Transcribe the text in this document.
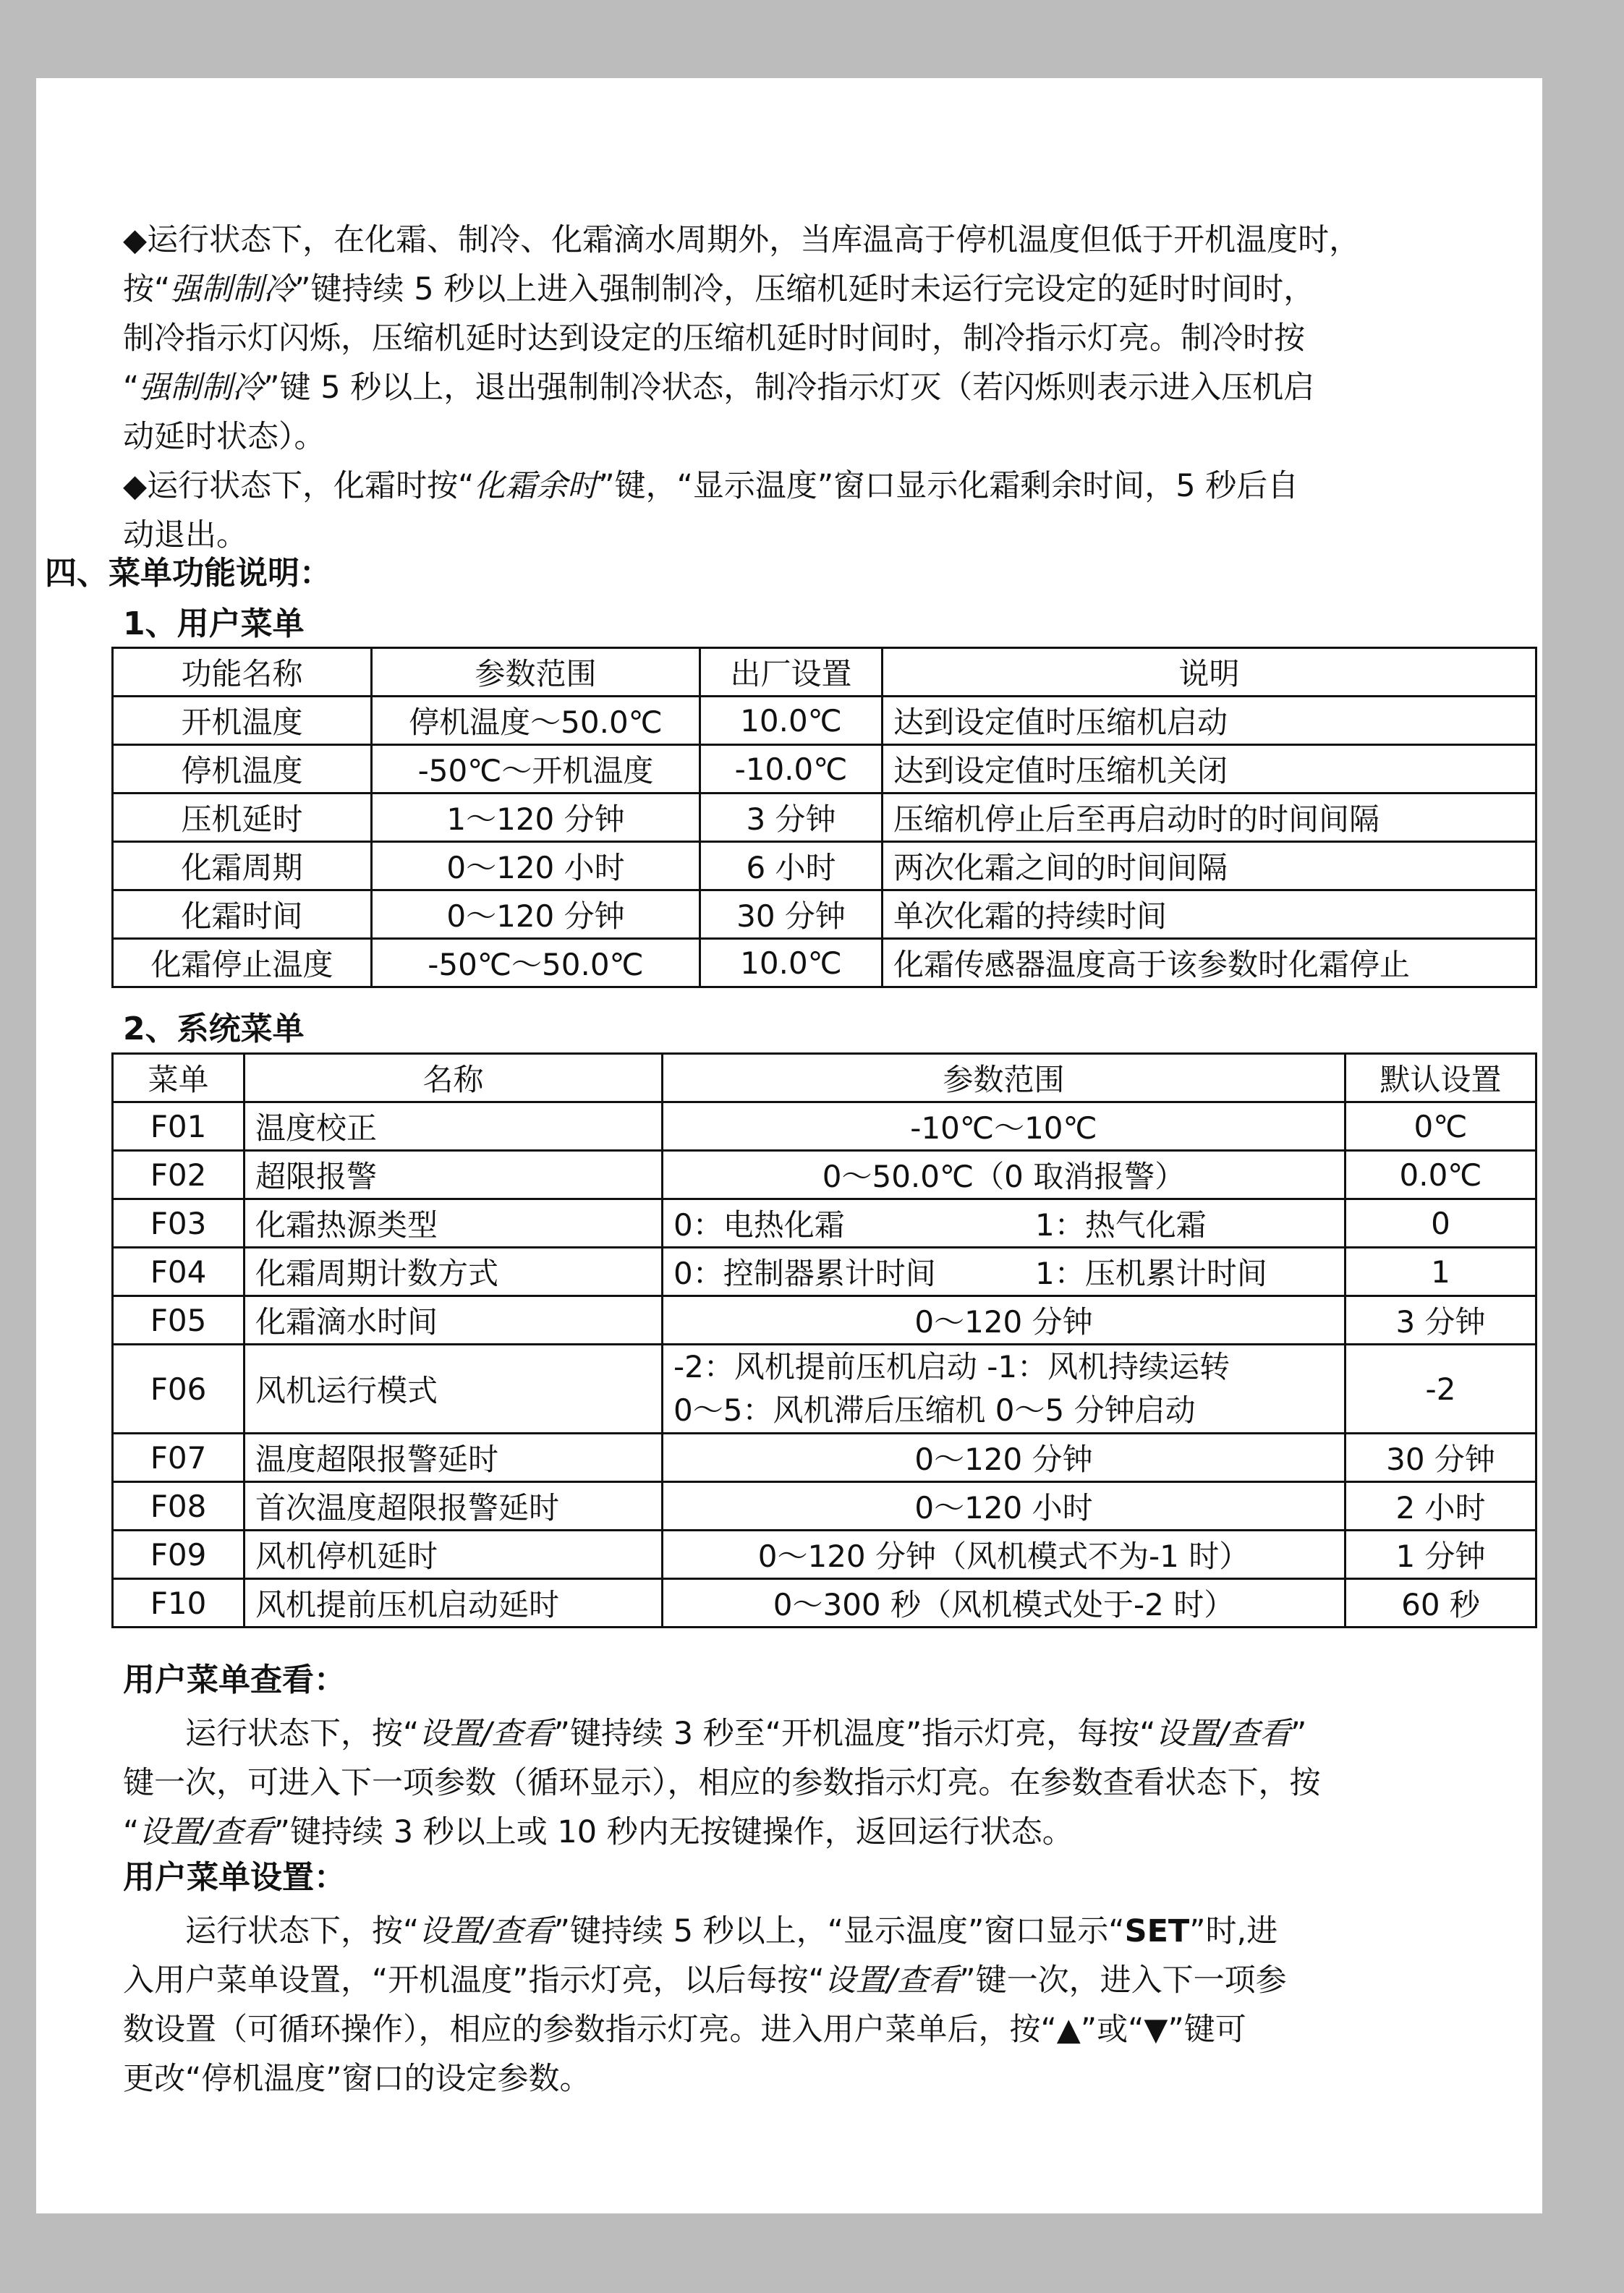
◆运行状态下，在化霜、制冷、化霜滴水周期外，当库温高于停机温度但低于开机温度时，
按“强制制冷”键持续 5 秒以上进入强制制冷，压缩机延时未运行完设定的延时时间时，
制冷指示灯闪烁，压缩机延时达到设定的压缩机延时时间时，制冷指示灯亮。制冷时按
“强制制冷”键 5 秒以上，退出强制制冷状态，制冷指示灯灭（若闪烁则表示进入压机启
动延时状态）。
◆运行状态下，化霜时按“化霜余时”键，“显示温度”窗口显示化霜剩余时间，5 秒后自
动退出。
四、菜单功能说明：
1、用户菜单
功能名称	参数范围	出厂设置	说明
开机温度	停机温度～50.0℃	10.0℃	达到设定值时压缩机启动
停机温度	-50℃～开机温度	-10.0℃	达到设定值时压缩机关闭
压机延时	1～120 分钟	3 分钟	压缩机停止后至再启动时的时间间隔
化霜周期	0～120 小时	6 小时	两次化霜之间的时间间隔
化霜时间	0～120 分钟	30 分钟	单次化霜的持续时间
化霜停止温度	-50℃～50.0℃	10.0℃	化霜传感器温度高于该参数时化霜停止
2、系统菜单
菜单	名称	参数范围	默认设置
F01	温度校正	-10℃～10℃	0℃
F02	超限报警	0～50.0℃（0 取消报警）	0.0℃
F03	化霜热源类型	0：电热化霜 1：热气化霜	0
F04	化霜周期计数方式	0：控制器累计时间 1：压机累计时间	1
F05	化霜滴水时间	0～120 分钟	3 分钟
F06	风机运行模式	-2：风机提前压机启动 -1：风机持续运转
0～5：风机滞后压缩机 0～5 分钟启动	-2
F07	温度超限报警延时	0～120 分钟	30 分钟
F08	首次温度超限报警延时	0～120 小时	2 小时
F09	风机停机延时	0～120 分钟（风机模式不为-1 时）	1 分钟
F10	风机提前压机启动延时	0～300 秒（风机模式处于-2 时）	60 秒
用户菜单查看：
　　运行状态下，按“设置/查看”键持续 3 秒至“开机温度”指示灯亮，每按“设置/查看”
键一次，可进入下一项参数（循环显示），相应的参数指示灯亮。在参数查看状态下，按
“设置/查看”键持续 3 秒以上或 10 秒内无按键操作，返回运行状态。
用户菜单设置：
　　运行状态下，按“设置/查看”键持续 5 秒以上，“显示温度”窗口显示“SET”时,进
入用户菜单设置，“开机温度”指示灯亮，以后每按“设置/查看”键一次，进入下一项参
数设置（可循环操作），相应的参数指示灯亮。进入用户菜单后，按“▲”或“▼”键可
更改“停机温度”窗口的设定参数。
